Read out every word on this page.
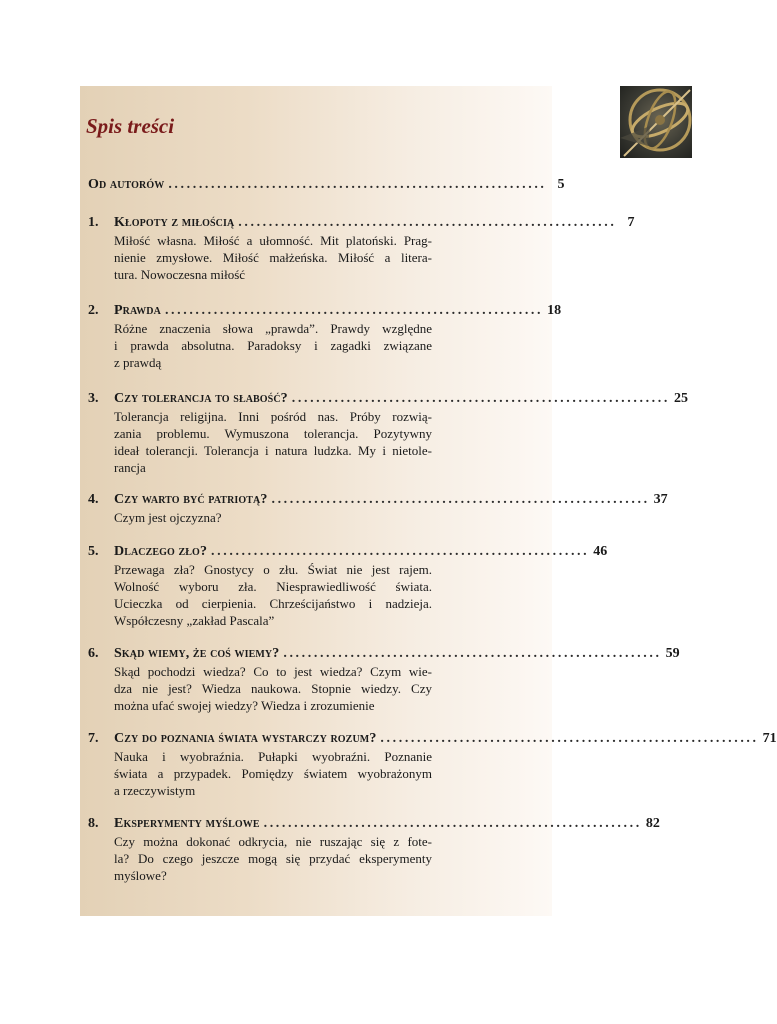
Spis treści
Od autorów .............................................................. 5
1.	Kłopoty z miłością .............................................................. 7
Miłość własna. Miłość a ułomność. Mit platoński. Prag-
nienie zmysłowe. Miłość małżeńska. Miłość a litera-
tura. Nowoczesna miłość
2.	Prawda .............................................................. 18
Różne znaczenia słowa „prawda”. Prawdy względne
i prawda absolutna. Paradoksy i zagadki związane
z prawdą
3.	Czy tolerancja to słabość? .............................................................. 25
Tolerancja religijna. Inni pośród nas. Próby rozwią-
zania problemu. Wymuszona tolerancja. Pozytywny
ideał tolerancji. Tolerancja i natura ludzka. My i nietole-
rancja
4.	Czy warto być patriotą? .............................................................. 37
Czym jest ojczyzna?
5.	Dlaczego zło? .............................................................. 46
Przewaga zła? Gnostycy o złu. Świat nie jest rajem.
Wolność wyboru zła. Niesprawiedliwość świata.
Ucieczka od cierpienia. Chrześcijaństwo i nadzieja.
Współczesny „zakład Pascala”
6.	Skąd wiemy, że coś wiemy? .............................................................. 59
Skąd pochodzi wiedza? Co to jest wiedza? Czym wie-
dza nie jest? Wiedza naukowa. Stopnie wiedzy. Czy
można ufać swojej wiedzy? Wiedza i zrozumienie
7.	Czy do poznania świata wystarczy rozum? .............................................................. 71
Nauka i wyobraźnia. Pułapki wyobraźni. Poznanie
świata a przypadek. Pomiędzy światem wyobrażonym
a rzeczywistym
8.	Eksperymenty myślowe .............................................................. 82
Czy można dokonać odkrycia, nie ruszając się z fote-
la? Do czego jeszcze mogą się przydać eksperymenty
myślowe?
